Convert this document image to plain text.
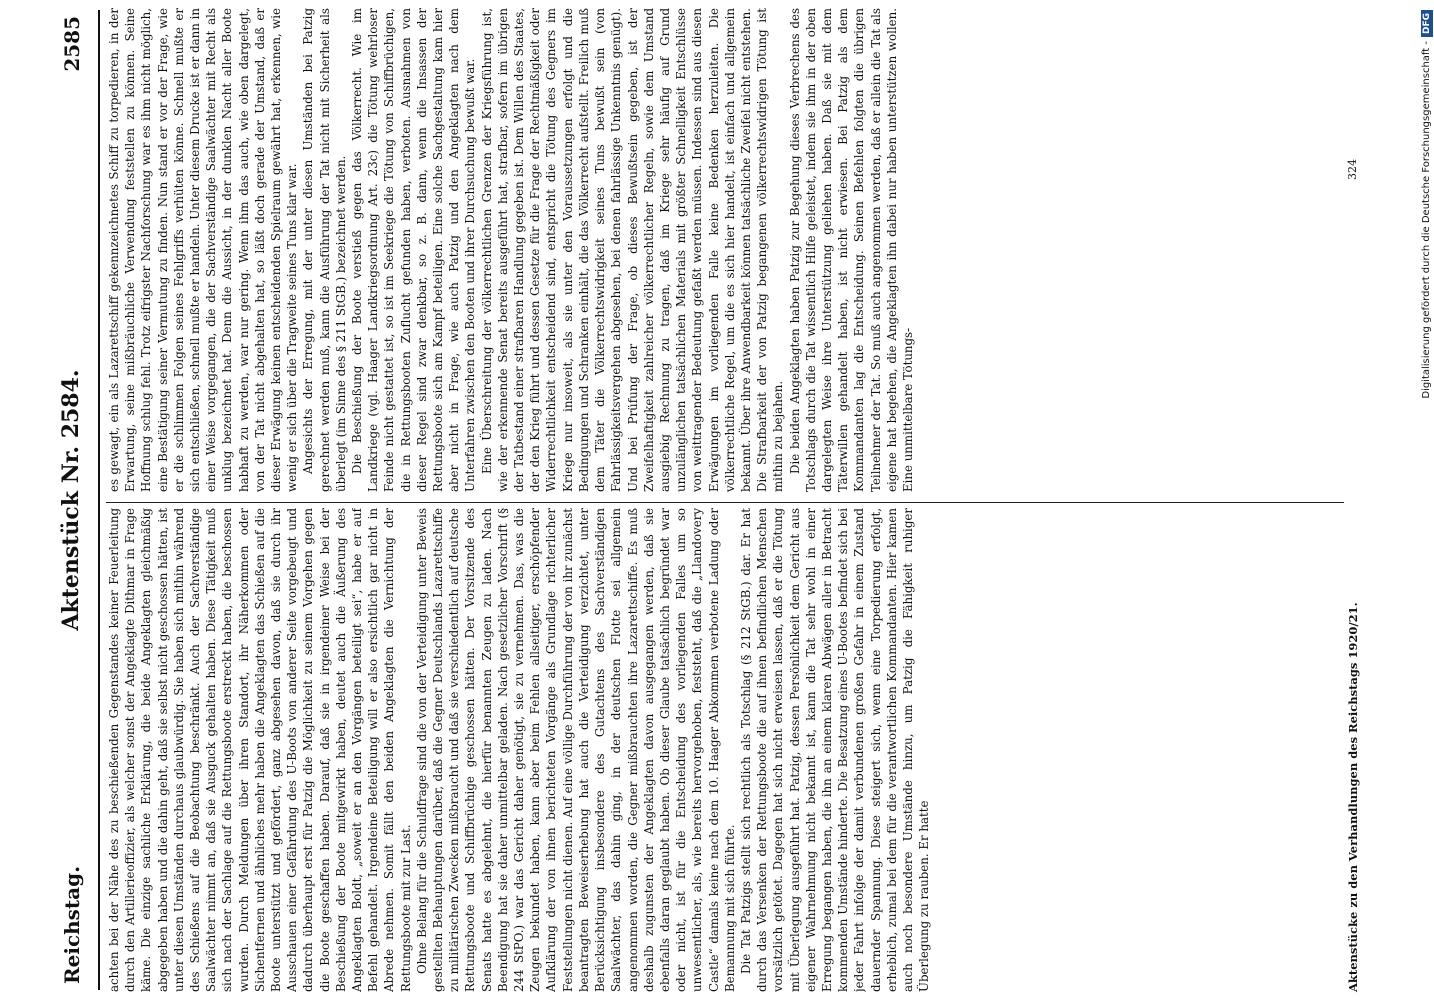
Reichstag.
Aktenstück Nr. 2584.
2585

achten bei der Nähe des zu beschießenden Gegenstandes keiner Feuerleitung durch den Artillerieoffizier, als welcher sonst der Angeklagte Dithmar in Frage käme. Die einzige sachliche Erklärung, die beide Angeklagten gleichmäßig abgegeben haben und die dahin geht, daß sie selbst nicht geschossen hätten, ist unter diesen Umständen durchaus glaubwürdig. Sie haben sich mithin während des Schießens auf die Beobachtung beschränkt. Auch der Sachverständige Saalwächter nimmt an, daß sie Ausguck gehalten haben. Diese Tätigkeit muß sich nach der Sachlage auf die Rettungsboote erstreckt haben, die beschossen wurden. Durch Meldungen über ihren Standort, ihr Näherkommen oder Sichentfernen und ähnliches mehr haben die Angeklagten das Schießen auf die Boote unterstützt und gefördert, ganz abgesehen davon, daß sie durch ihr Ausschauen einer Gefährdung des U-Boots von anderer Seite vorgebeugt und dadurch überhaupt erst für Patzig die Möglichkeit zu seinem Vorgehen gegen die Boote geschaffen haben. Darauf, daß sie in irgendeiner Weise bei der Beschießung der Boote mitgewirkt haben, deutet auch die Äußerung des Angeklagten Boldt, „soweit er an den Vorgängen beteiligt sei“, habe er auf Befehl gehandelt. Irgendeine Beteiligung will er also ersichtlich gar nicht in Abrede nehmen. Somit fällt den beiden Angeklagten die Vernichtung der Rettungsboote mit zur Last. Ohne Belang für die Schuldfrage sind die von der Verteidigung unter Beweis gestellten Behauptungen darüber, daß die Gegner Deutschlands Lazarettschiffe zu militärischen Zwecken mißbraucht und daß sie verschiedentlich auf deutsche Rettungsboote und Schiffbrüchige geschossen hätten. Der Vorsitzende des Senats hatte es abgelehnt, die hierfür benannten Zeugen zu laden. Nach Beendigung hat sie daher unmittelbar geladen. Nach gesetzlicher Vorschrift (§ 244 StPO.) war das Gericht daher genötigt, sie zu vernehmen. Das, was die Zeugen bekundet haben, kann aber beim Fehlen allseitiger, erschöpfender Aufklärung der von ihnen berichteten Vorgänge als Grundlage richterlicher Feststellungen nicht dienen. Auf eine völlige Durchführung der von ihr zunächst beantragten Beweiserhebung hat auch die Verteidigung verzichtet, unter Berücksichtigung insbesondere des Gutachtens des Sachverständigen Saalwächter, das dahin ging, in der deutschen Flotte sei allgemein angenommen worden, die Gegner mißbrauchten ihre Lazarettschiffe. Es muß deshalb zugunsten der Angeklagten davon ausgegangen werden, daß sie ebenfalls daran geglaubt haben. Ob dieser Glaube tatsächlich begründet war oder nicht, ist für die Entscheidung des vorliegenden Falles um so unwesentlicher, als, wie bereits hervorgehoben, feststeht, daß die „Llandovery Castle“ damals keine nach dem 10. Haager Abkommen verbotene Ladung oder Bemannung mit sich führte. Die Tat Patzigs stellt sich rechtlich als Totschlag (§ 212 StGB.) dar. Er hat durch das Versenken der Rettungsboote die auf ihnen befindlichen Menschen vorsätzlich getötet. Dagegen hat sich nicht erweisen lassen, daß er die Tötung mit Überlegung ausgeführt hat. Patzig, dessen Persönlichkeit dem Gericht aus eigener Wahrnehmung nicht bekannt ist, kann die Tat sehr wohl in einer Erregung begangen haben, die ihn an einem klaren Abwägen aller in Betracht kommenden Umstände hinderte. Die Besatzung eines U-Bootes befindet sich bei jeder Fahrt infolge der damit verbundenen großen Gefahr in einem Zustand dauernder Spannung. Diese steigert sich, wenn eine Torpedierung erfolgt, erheblich, zumal bei dem für die verantwortlichen Kommandanten. Hier kamen auch noch besondere Umstände hinzu, um Patzig die Fähigkeit ruhiger Überlegung zu rauben. Er hatte

es gewagt, ein als Lazarettschiff gekennzeichnetes Schiff zu torpedieren, in der Erwartung, seine mißbräuchliche Verwendung feststellen zu können. Seine Hoffnung schlug fehl. Trotz eifrigster Nachforschung war es ihm nicht möglich, eine Bestätigung seiner Vermutung zu finden. Nun stand er vor der Frage, wie er die schlimmen Folgen seines Fehlgriffs verhüten könne. Schnell mußte er sich entschließen, schnell mußte er handeln. Unter diesem Drucke ist er dann in einer Weise vorgegangen, die der Sachverständige Saalwächter mit Recht als unklug bezeichnet hat. Denn die Aussicht, in der dunklen Nacht aller Boote habhaft zu werden, war nur gering. Wenn ihm das auch, wie oben dargelegt, von der Tat nicht abgehalten hat, so läßt doch gerade der Umstand, daß er dieser Erwägung keinen entscheidenden Spielraum gewährt hat, erkennen, wie wenig er sich über die Tragweite seines Tuns klar war. Angesichts der Erregung, mit der unter diesen Umständen bei Patzig gerechnet werden muß, kann die Ausführung der Tat nicht mit Sicherheit als überlegt (im Sinne des § 211 StGB.) bezeichnet werden. Die Beschießung der Boote verstieß gegen das Völkerrecht. Wie im Landkriege (vgl. Haager Landkriegsordnung Art. 23c) die Tötung wehrloser Feinde nicht gestattet ist, so ist im Seekriege die Tötung von Schiffbrüchigen, die in Rettungsbooten Zuflucht gefunden haben, verboten. Ausnahmen von dieser Regel sind zwar denkbar, so z. B. dann, wenn die Insassen der Rettungsboote sich am Kampf beteiligen. Eine solche Sachgestaltung kam hier aber nicht in Frage, wie auch Patzig und den Angeklagten nach dem Unterfahren zwischen den Booten und ihrer Durchsuchung bewußt war. Eine Überschreitung der völkerrechtlichen Grenzen der Kriegsführung ist, wie der erkennende Senat bereits ausgeführt hat, strafbar, sofern im übrigen der Tatbestand einer strafbaren Handlung gegeben ist. Dem Willen des Staates, der den Krieg führt und dessen Gesetze für die Frage der Rechtmäßigkeit oder Widerrechtlichkeit entscheidend sind, entspricht die Tötung des Gegners im Kriege nur insoweit, als sie unter den Voraussetzungen erfolgt und die Bedingungen und Schranken einhält, die das Völkerrecht aufstellt. Freilich muß dem Täter die Völkerrechtswidrigkeit seines Tuns bewußt sein (von Fahrlässigkeitsvergehen abgesehen, bei denen fahrlässige Unkenntnis genügt). Und bei Prüfung der Frage, ob dieses Bewußtsein gegeben, ist der Zweifelhaftigkeit zahlreicher völkerrechtlicher Regeln, sowie dem Umstand ausgiebig Rechnung zu tragen, daß im Kriege sehr häufig auf Grund unzulänglichen tatsächlichen Materials mit größter Schnelligkeit Entschlüsse von weittragender Bedeutung gefaßt werden müssen. Indessen sind aus diesen Erwägungen im vorliegenden Falle keine Bedenken herzuleiten. Die völkerrechtliche Regel, um die es sich hier handelt, ist einfach und allgemein bekannt. Über ihre Anwendbarkeit können tatsächliche Zweifel nicht entstehen. Die Strafbarkeit der von Patzig begangenen völkerrechtswidrigen Tötung ist mithin zu bejahen. Die beiden Angeklagten haben Patzig zur Begehung dieses Verbrechens des Totschlags durch die Tat wissentlich Hilfe geleistet, indem sie ihm in der oben dargelegten Weise ihre Unterstützung geliehen haben. Daß sie mit dem Täterwillen gehandelt haben, ist nicht erwiesen. Bei Patzig als dem Kommandanten lag die Entscheidung. Seinen Befehlen folgten die übrigen Teilnehmer der Tat. So muß auch angenommen werden, daß er allein die Tat als eigene hat begehen, die Angeklagten ihn dabei nur haben unterstützen wollen. Eine unmittelbare Tötungs-

Aktenstücke zu den Verhandlungen des Reichstags 1920/21.
324	Digitalisierung gefördert durch die Deutsche Forschungsgemeinschaft -DFG
